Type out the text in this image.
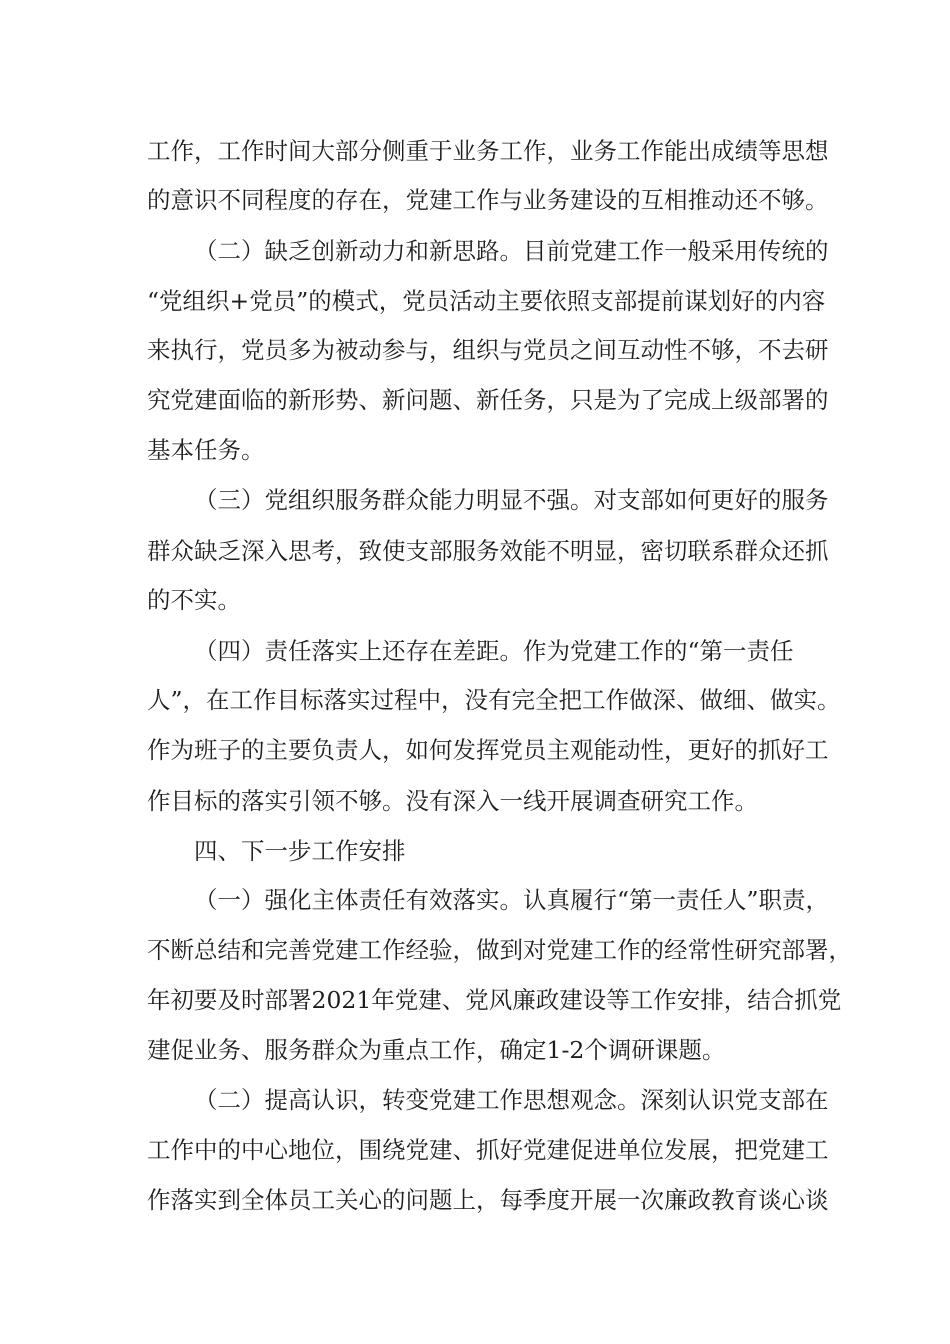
工作，工作时间大部分侧重于业务工作，业务工作能出成绩等思想

的意识不同程度的存在，党建工作与业务建设的互相推动还不够。

（二）缺乏创新动力和新思路。目前党建工作一般采用传统的

“党组织+党员”的模式，党员活动主要依照支部提前谋划好的内容

来执行，党员多为被动参与，组织与党员之间互动性不够，不去研

究党建面临的新形势、新问题、新任务，只是为了完成上级部署的

基本任务。

（三）党组织服务群众能力明显不强。对支部如何更好的服务

群众缺乏深入思考，致使支部服务效能不明显，密切联系群众还抓

的不实。

（四）责任落实上还存在差距。作为党建工作的“第一责任

人”，在工作目标落实过程中，没有完全把工作做深、做细、做实。

作为班子的主要负责人，如何发挥党员主观能动性，更好的抓好工

作目标的落实引领不够。没有深入一线开展调查研究工作。

四、下一步工作安排

（一）强化主体责任有效落实。认真履行“第一责任人”职责，

不断总结和完善党建工作经验，做到对党建工作的经常性研究部署，

年初要及时部署2021年党建、党风廉政建设等工作安排，结合抓党

建促业务、服务群众为重点工作，确定1-2个调研课题。

（二）提高认识，转变党建工作思想观念。深刻认识党支部在

工作中的中心地位，围绕党建、抓好党建促进单位发展，把党建工

作落实到全体员工关心的问题上，每季度开展一次廉政教育谈心谈
